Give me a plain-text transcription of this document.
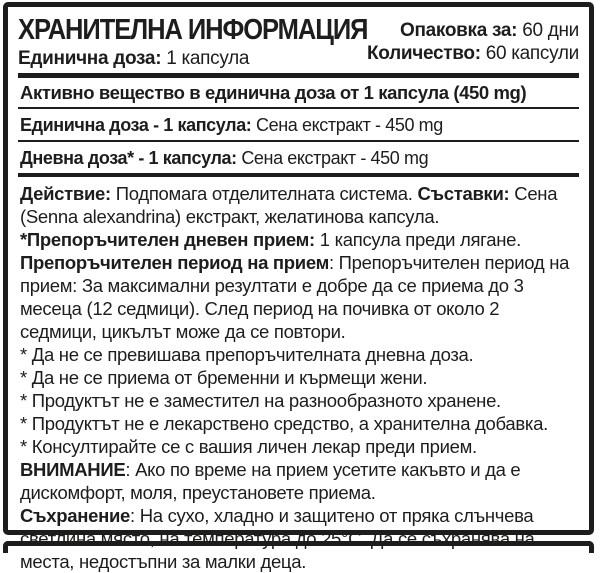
ХРАНИТЕЛНА ИНФОРМАЦИЯ
Единична доза: 1 капсула
Опаковка за: 60 дни
Количество: 60 капсули
Активно вещество в единична доза от 1 капсула (450 mg)
Единична доза - 1 капсула: Сена екстракт - 450 mg
Дневна доза* - 1 капсула: Сена екстракт - 450 mg

Действие: Подпомага отделителната система. Съставки: Сена (Senna alexandrina) екстракт, желатинова капсула. *Препоръчителен дневен прием: 1 капсула преди лягане. Препоръчителен период на прием: Препоръчителен период на прием: За максимални резултати е добре да се приема до 3 месеца (12 седмици). След период на почивка от около 2 седмици, цикълът може да се повтори.

* Да не се превишава препоръчителната дневна доза.
* Да не се приема от бременни и кърмещи жени.
* Продуктът не е заместител на разнообразното хранене.
* Продуктът не е лекарствено средство, а хранителна добавка.
* Консултирайте се с вашия личен лекар преди прием.

ВНИМАНИЕ: Ако по време на прием усетите какъвто и да е дискомфорт, моля, преустановете приема.

Съхранение: На сухо, хладно и защитено от пряка слънчева светлина място, на температура до 25°C. Да се съхранява на места, недостъпни за малки деца.
